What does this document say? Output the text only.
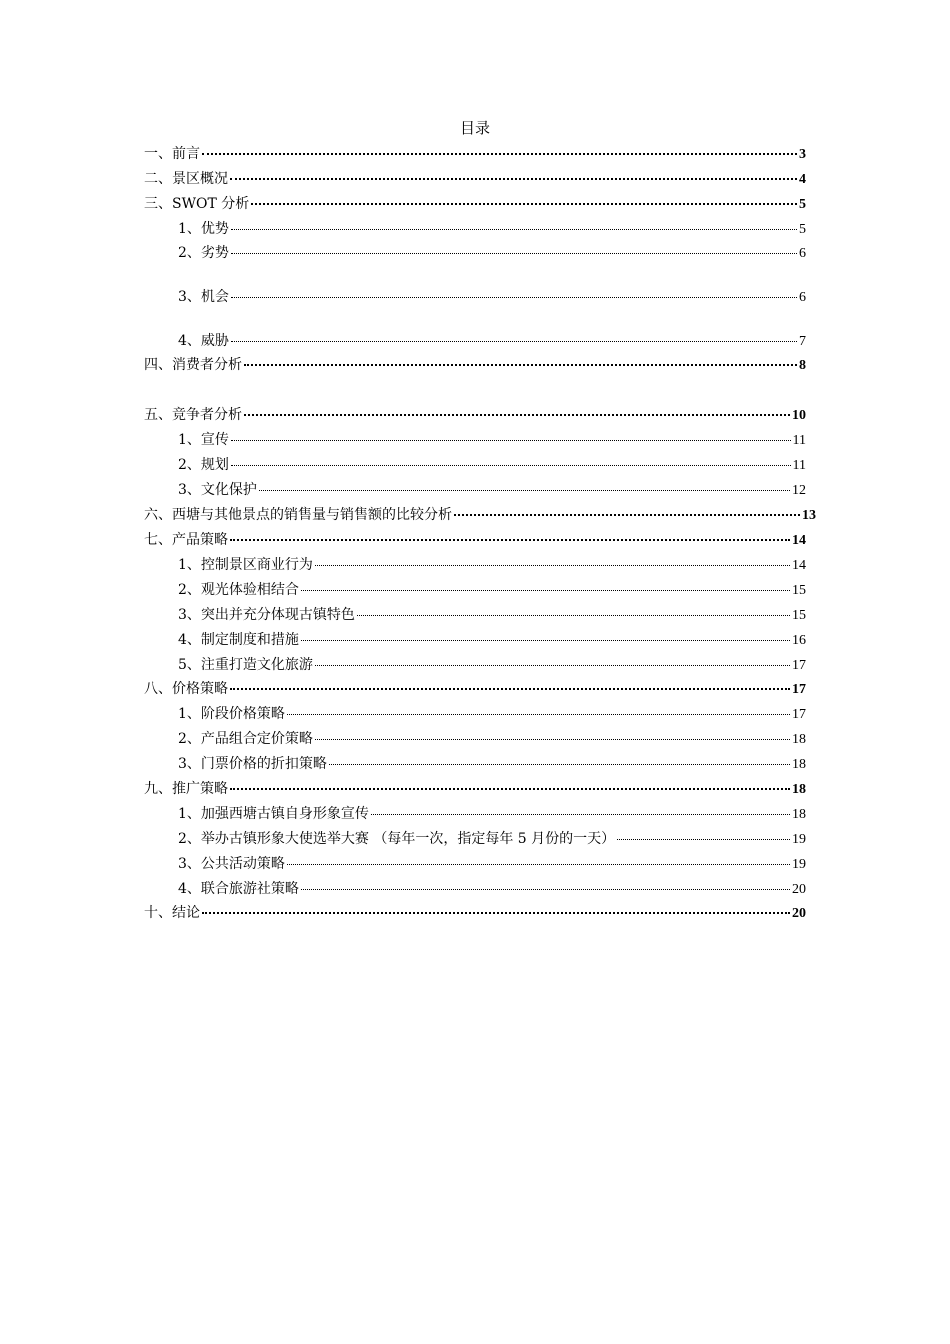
目录
一、前言	3
二、景区概况	4
三、SWOT 分析	5
1、优势	5
2、劣势	6
3、机会	6
4、威胁	7
四、消费者分析	8
五、竞争者分析	10
1、宣传	11
2、规划	11
3、文化保护	12
六、西塘与其他景点的销售量与销售额的比较分析	13
七、产品策略	14
1、控制景区商业行为	14
2、观光体验相结合	15
3、突出并充分体现古镇特色	15
4、制定制度和措施	16
5、注重打造文化旅游	17
八、价格策略	17
1、阶段价格策略	17
2、产品组合定价策略	18
3、门票价格的折扣策略	18
九、推广策略	18
1、加强西塘古镇自身形象宣传	18
2、举办古镇形象大使选举大赛 （每年一次，指定每年 5 月份的一天）	19
3、公共活动策略	19
4、联合旅游社策略	20
十、结论	20
